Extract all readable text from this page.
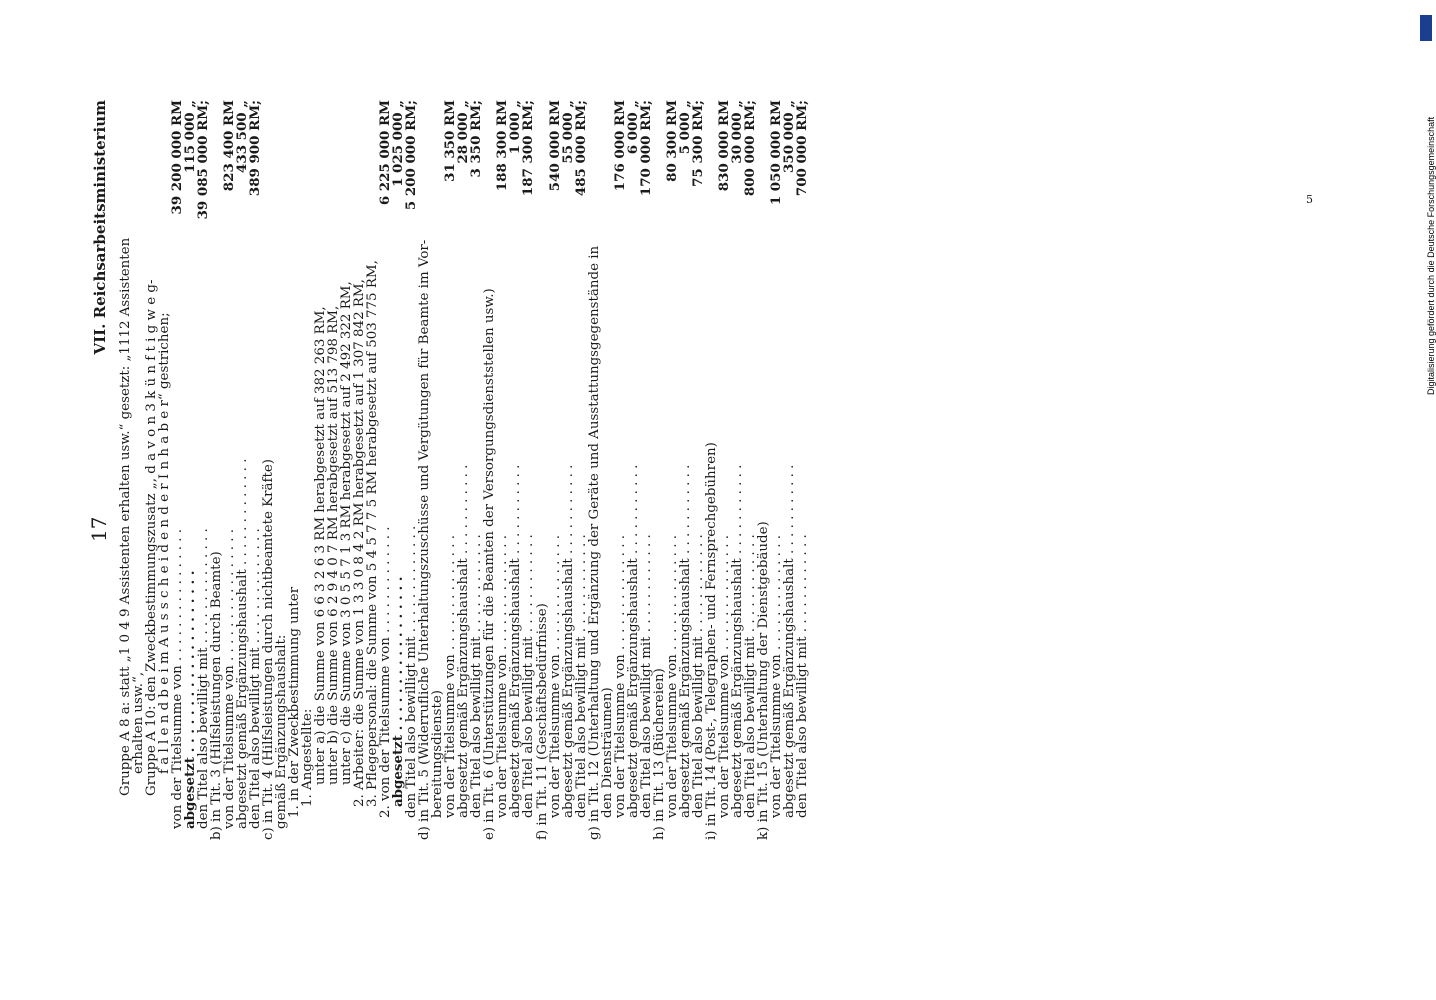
17
VII. Reichsarbeitsministerium
Gruppe A 8 a: statt „1 0 4 9 Assistenten erhalten usw.“ gesetzt: „1112 Assistenten
erhalten usw.“,
Gruppe A 10: den Zweckbestimmungszusatz „, d a v o n 3 k ü n f t i g w e g-
f a l l e n d b e i m A u s s c h e i d e n d e r I n h a b e r“ gestrichen;
von der Titelsumme von . . . . . . . . . . . . . . . .
39 200 000 RM
abgesetzt . . . . . . . . . . . . . . . . . . . .
115 000 „
den Titel also bewilligt mit . . . . . . . . . . . . . .
39 085 000 RM;
b) in Tit. 3 (Hilfsleistungen durch Beamte)
von der Titelsumme von . . . . . . . . . . . . . . . .
823 400 RM
abgesetzt gemäß Ergänzungshaushalt . . . . . . . . . . . . .
433 500 „
den Titel also bewilligt mit . . . . . . . . . . . . . .
389 900 RM;
c) in Tit. 4 (Hilfsleistungen durch nichtbeamtete Kräfte)
gemäß Ergänzungshaushalt:
1. in der Zweckbestimmung unter
1. Angestellte:
unter a) die Summe von 6 6 3 2 6 3 RM herabgesetzt auf 382 263 RM,
unter b) die Summe von 6 2 9 4 0 7 RM herabgesetzt auf 513 798 RM,
unter c) die Summe von 3 0 5 5 7 1 3 RM herabgesetzt auf 2 492 322 RM,
2. Arbeiter: die Summe von 1 3 3 0 8 4 2 RM herabgesetzt auf 1 307 842 RM,
3. Pflegepersonal: die Summe von 5 4 5 7 7 5 RM herabgesetzt auf 503 775 RM,
2. von der Titelsumme von . . . . . . . . . . . . .
6 225 000 RM
abgesetzt . . . . . . . . . . . . . . . . .
1 025 000 „
den Titel also bewilligt mit . . . . . . . . . . . . .
5 200 000 RM;
d) in Tit. 5 (Widerrufliche Unterhaltungszuschüsse und Vergütungen für Beamte im Vor-
bereitungsdienste)
von der Titelsumme von . . . . . . . . . . . . . .
31 350 RM
abgesetzt gemäß Ergänzungshaushalt . . . . . . . . . . .
28 000 „
den Titel also bewilligt mit . . . . . . . . . . . .
3 350 RM;
e) in Tit. 6 (Unterstützungen für die Beamten der Versorgungsdienststellen usw.)
von der Titelsumme von . . . . . . . . . . . . . .
188 300 RM
abgesetzt gemäß Ergänzungshaushalt . . . . . . . . . . .
1 000 „
den Titel also bewilligt mit . . . . . . . . . . . .
187 300 RM;
f) in Tit. 11 (Geschäftsbedürfnisse)
von der Titelsumme von . . . . . . . . . . . . . .
540 000 RM
abgesetzt gemäß Ergänzungshaushalt . . . . . . . . . . .
55 000 „
den Titel also bewilligt mit . . . . . . . . . . . .
485 000 RM;
g) in Tit. 12 (Unterhaltung und Ergänzung der Geräte und Ausstattungsgegenstände in
den Diensträumen)
von der Titelsumme von . . . . . . . . . . . . . .
176 000 RM
abgesetzt gemäß Ergänzungshaushalt . . . . . . . . . . .
6 000 „
den Titel also bewilligt mit . . . . . . . . . . . .
170 000 RM;
h) in Tit. 13 (Büchereien)
von der Titelsumme von . . . . . . . . . . . . . .
80 300 RM
abgesetzt gemäß Ergänzungshaushalt . . . . . . . . . . .
5 000 „
den Titel also bewilligt mit . . . . . . . . . . . .
75 300 RM;
i) in Tit. 14 (Post-, Telegraphen- und Fernsprechgebühren)
von der Titelsumme von . . . . . . . . . . . . . .
830 000 RM
abgesetzt gemäß Ergänzungshaushalt . . . . . . . . . . .
30 000 „
den Titel also bewilligt mit . . . . . . . . . . . .
800 000 RM;
k) in Tit. 15 (Unterhaltung der Dienstgebäude)
von der Titelsumme von . . . . . . . . . . . . . .
1 050 000 RM
abgesetzt gemäß Ergänzungshaushalt . . . . . . . . . . .
350 000 „
den Titel also bewilligt mit . . . . . . . . . . . .
700 000 RM;
5	Digitalisierung gefördert durch die Deutsche Forschungsgemeinschaft
